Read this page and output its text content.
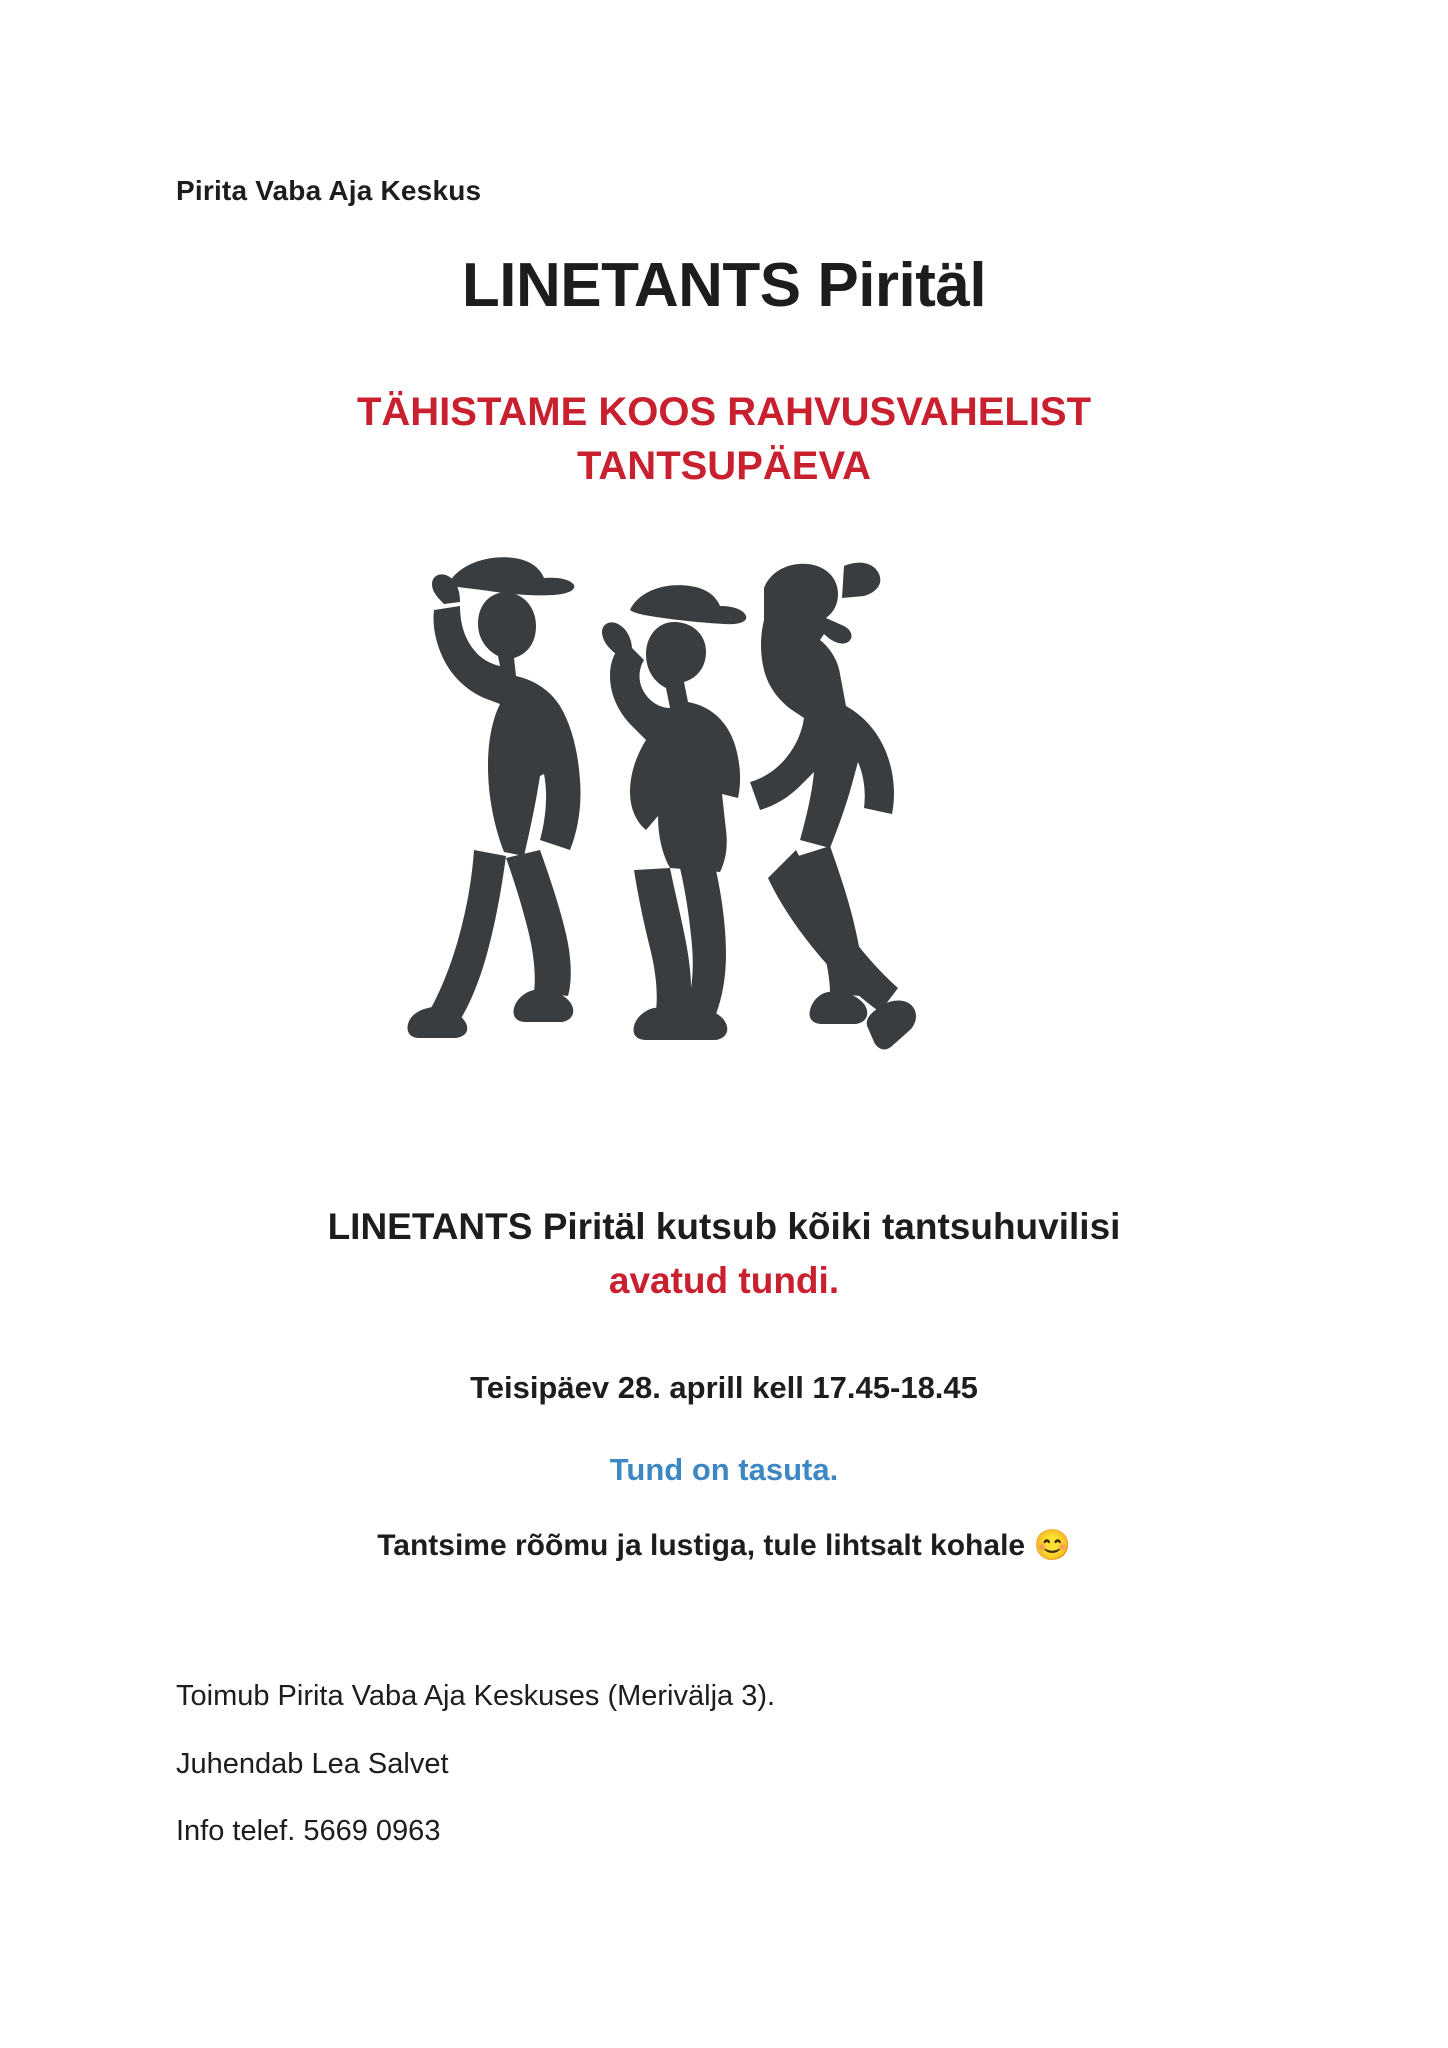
Pirita Vaba Aja Keskus
LINETANTS Piritäl
TÄHISTAME KOOS RAHVUSVAHELIST TANTSUPÄEVA
LINETANTS Piritäl kutsub kõiki tantsuhuvilisi
avatud tundi.
Teisipäev 28. aprill kell 17.45-18.45
Tund on tasuta.
Tantsime rõõmu ja lustiga, tule lihtsalt kohale 😊
Toimub Pirita Vaba Aja Keskuses (Merivälja 3).
Juhendab Lea Salvet
Info telef. 5669 0963
